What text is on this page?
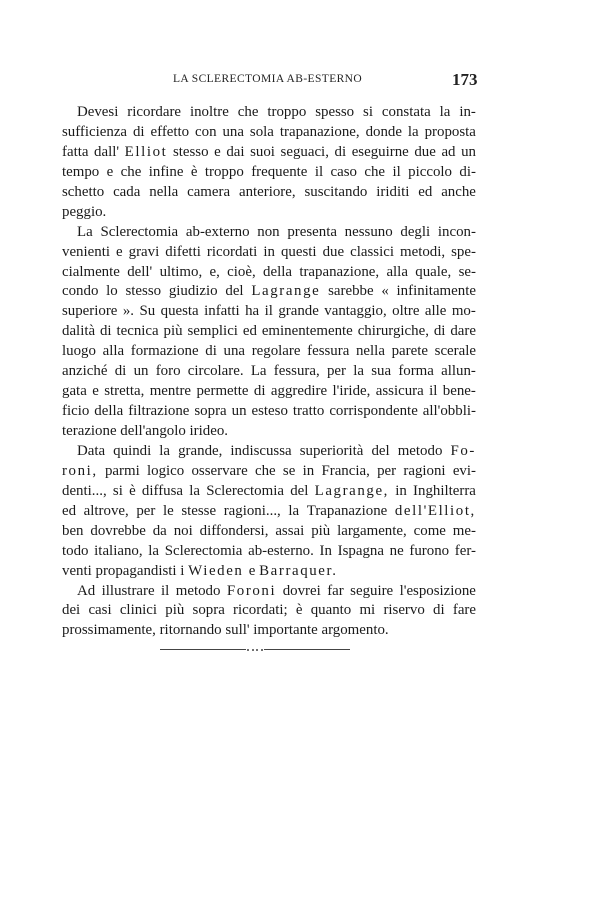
LA SCLERECTOMIA AB-ESTERNO	173
Devesi ricordare inoltre che troppo spesso si constata la in-
sufficienza di effetto con una sola trapanazione, donde la proposta
fatta dall' Elliot stesso e dai suoi seguaci, di eseguirne due ad un
tempo e che infine è troppo frequente il caso che il piccolo di-
schetto cada nella camera anteriore, suscitando iriditi ed anche
peggio.
La Sclerectomia ab-externo non presenta nessuno degli incon-
venienti e gravi difetti ricordati in questi due classici metodi, spe-
cialmente dell' ultimo, e, cioè, della trapanazione, alla quale, se-
condo lo stesso giudizio del Lagrange sarebbe « infinitamente
superiore ». Su questa infatti ha il grande vantaggio, oltre alle mo-
dalità di tecnica più semplici ed eminentemente chirurgiche, di dare
luogo alla formazione di una regolare fessura nella parete scerale
anziché di un foro circolare. La fessura, per la sua forma allun-
gata e stretta, mentre permette di aggredire l'iride, assicura il bene-
ficio della filtrazione sopra un esteso tratto corrispondente all'obbli-
terazione dell'angolo irideo.
Data quindi la grande, indiscussa superiorità del metodo Fo-
roni, parmi logico osservare che se in Francia, per ragioni evi-
denti..., si è diffusa la Sclerectomia del Lagrange, in Inghilterra
ed altrove, per le stesse ragioni..., la Trapanazione dell'Elliot,
ben dovrebbe da noi diffondersi, assai più largamente, come me-
todo italiano, la Sclerectomia ab-esterno. In Ispagna ne furono fer-
venti propagandisti i Wieden e Barraquer.
Ad illustrare il metodo Foroni dovrei far seguire l'esposizione
dei casi clinici più sopra ricordati; è quanto mi riservo di fare
prossimamente, ritornando sull' importante argomento.
